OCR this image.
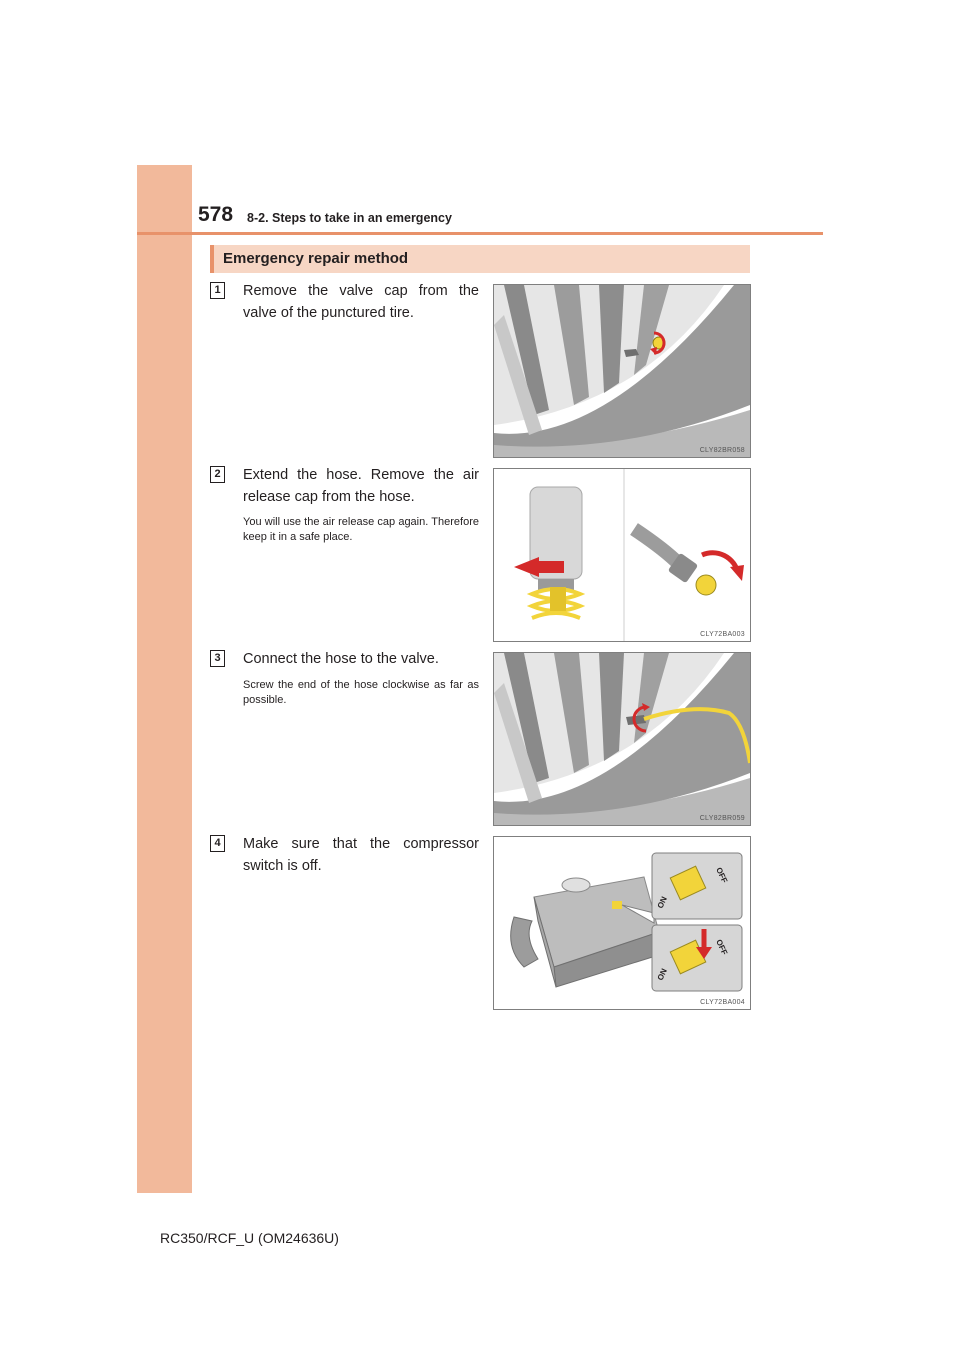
578 8-2. Steps to take in an emergency
Emergency repair method
1	Remove the valve cap from the valve of the punctured tire.
CLY82BR058
2	Extend the hose. Remove the air release cap from the hose.
You will use the air release cap again. Therefore keep it in a safe place.
CLY72BA003
3	Connect the hose to the valve.
Screw the end of the hose clockwise as far as possible.
CLY82BR059
4	Make sure that the compressor switch is off.
ON
OFF
ON
OFF
CLY72BA004
RC350/RCF_U (OM24636U)
